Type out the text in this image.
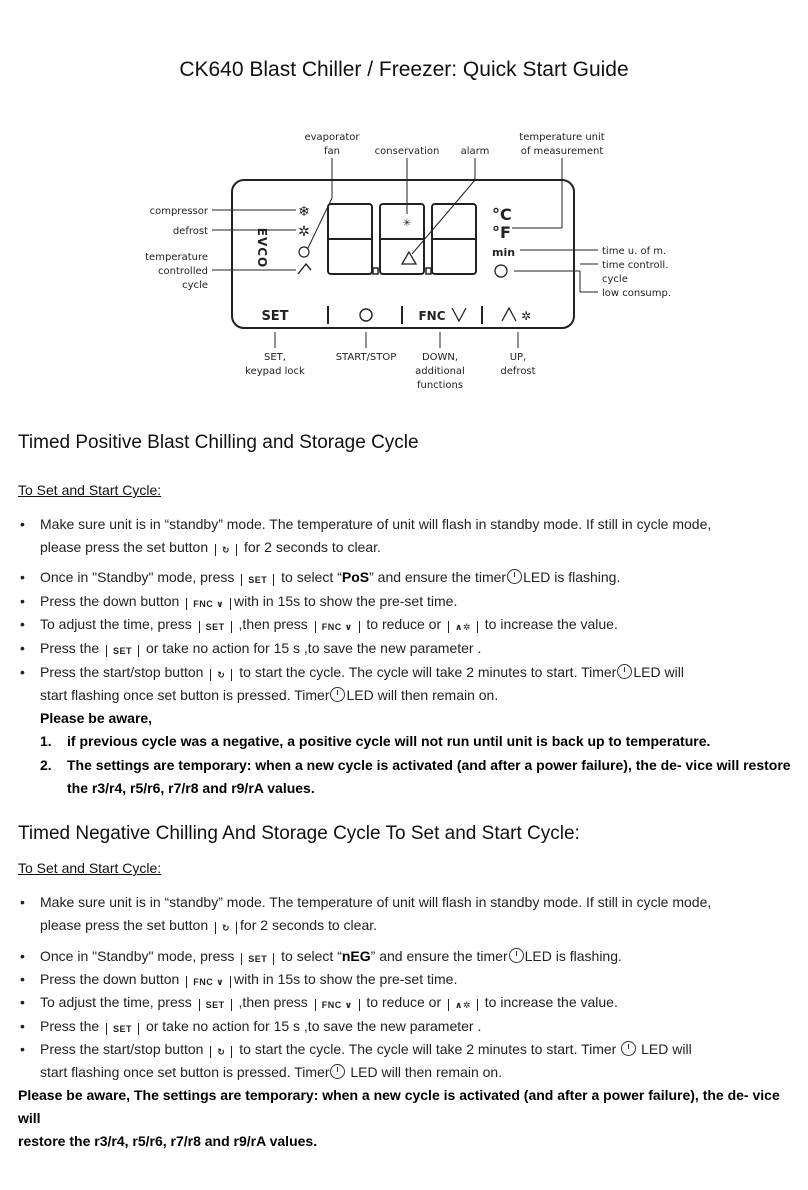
CK640 Blast Chiller / Freezer: Quick Start Guide
EVCO
❄
✲
✳	°C
°F
min
evaporator
fan	conservation alarm
temperature unit
of measurement
compressor
defrost
temperature
controlled
cycle
time u. of m.
time controll.
cycle
low consump.
SET	FNC	✲
SET,
keypad lock
START/STOP	DOWN,
additional
functions
UP,
defrost
Timed Positive Blast Chilling and Storage Cycle
To Set and Start Cycle:
• Make sure unit is in “standby” mode. The temperature of unit will flash in standby mode. If still in cycle mode,
please press the set button ↻ for 2 seconds to clear.
• Once in "Standby" mode, press SET to select “PoS” and ensure the timer LED is flashing.
• Press the down button FNC ∨ with in 15s to show the pre-set time.
• To adjust the time, press SET ,then press FNC ∨ to reduce or ∧✲ to increase the value.
• Press the SET or take no action for 15 s ,to save the new parameter .
• Press the start/stop button ↻ to start the cycle. The cycle will take 2 minutes to start. Timer LED will
start flashing once set button is pressed. Timer LED will then remain on.
Please be aware,
1. if previous cycle was a negative, a positive cycle will not run until unit is back up to temperature.
2. The settings are temporary: when a new cycle is activated (and after a power failure), the de- vice will restore
the r3/r4, r5/r6, r7/r8 and r9/rA values.
Timed Negative Chilling And Storage Cycle To Set and Start Cycle:
To Set and Start Cycle:
• Make sure unit is in “standby” mode. The temperature of unit will flash in standby mode. If still in cycle mode,
please press the set button ↻ for 2 seconds to clear.
• Once in "Standby" mode, press SET to select “nEG” and ensure the timer LED is flashing.
• Press the down button FNC ∨ with in 15s to show the pre-set time.
• To adjust the time, press SET ,then press FNC ∨ to reduce or ∧✲ to increase the value.
• Press the SET or take no action for 15 s ,to save the new parameter .
• Press the start/stop button ↻ to start the cycle. The cycle will take 2 minutes to start. Timer LED will
start flashing once set button is pressed. Timer LED will then remain on.
Please be aware, The settings are temporary: when a new cycle is activated (and after a power failure), the de- vice will
restore the r3/r4, r5/r6, r7/r8 and r9/rA values.
